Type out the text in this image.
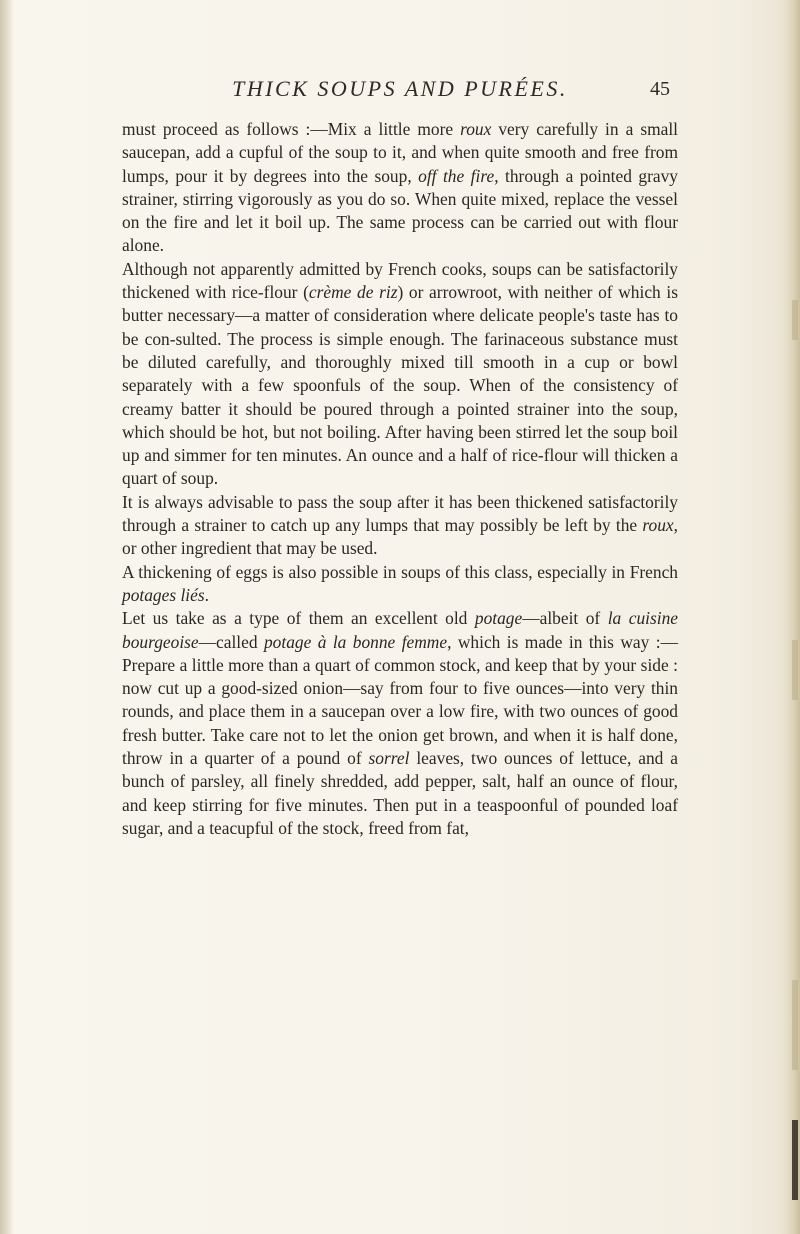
THICK SOUPS AND PURÉES.	45

must proceed as follows :—Mix a little more roux very carefully in a small saucepan, add a cupful of the soup to it, and when quite smooth and free from lumps, pour it by degrees into the soup, off the fire, through a pointed gravy strainer, stirring vigorously as you do so. When quite mixed, replace the vessel on the fire and let it boil up. The same process can be carried out with flour alone.

Although not apparently admitted by French cooks, soups can be satisfactorily thickened with rice-flour (crème de riz) or arrowroot, with neither of which is butter necessary—a matter of consideration where delicate people's taste has to be con-sulted. The process is simple enough. The farinaceous substance must be diluted carefully, and thoroughly mixed till smooth in a cup or bowl separately with a few spoonfuls of the soup. When of the consistency of creamy batter it should be poured through a pointed strainer into the soup, which should be hot, but not boiling. After having been stirred let the soup boil up and simmer for ten minutes. An ounce and a half of rice-flour will thicken a quart of soup.

It is always advisable to pass the soup after it has been thickened satisfactorily through a strainer to catch up any lumps that may possibly be left by the roux, or other ingredient that may be used.

A thickening of eggs is also possible in soups of this class, especially in French potages liés.

Let us take as a type of them an excellent old potage—albeit of la cuisine bourgeoise—called potage à la bonne femme, which is made in this way :—Prepare a little more than a quart of common stock, and keep that by your side : now cut up a good-sized onion—say from four to five ounces—into very thin rounds, and place them in a saucepan over a low fire, with two ounces of good fresh butter. Take care not to let the onion get brown, and when it is half done, throw in a quarter of a pound of sorrel leaves, two ounces of lettuce, and a bunch of parsley, all finely shredded, add pepper, salt, half an ounce of flour, and keep stirring for five minutes. Then put in a teaspoonful of pounded loaf sugar, and a teacupful of the stock, freed from fat,
